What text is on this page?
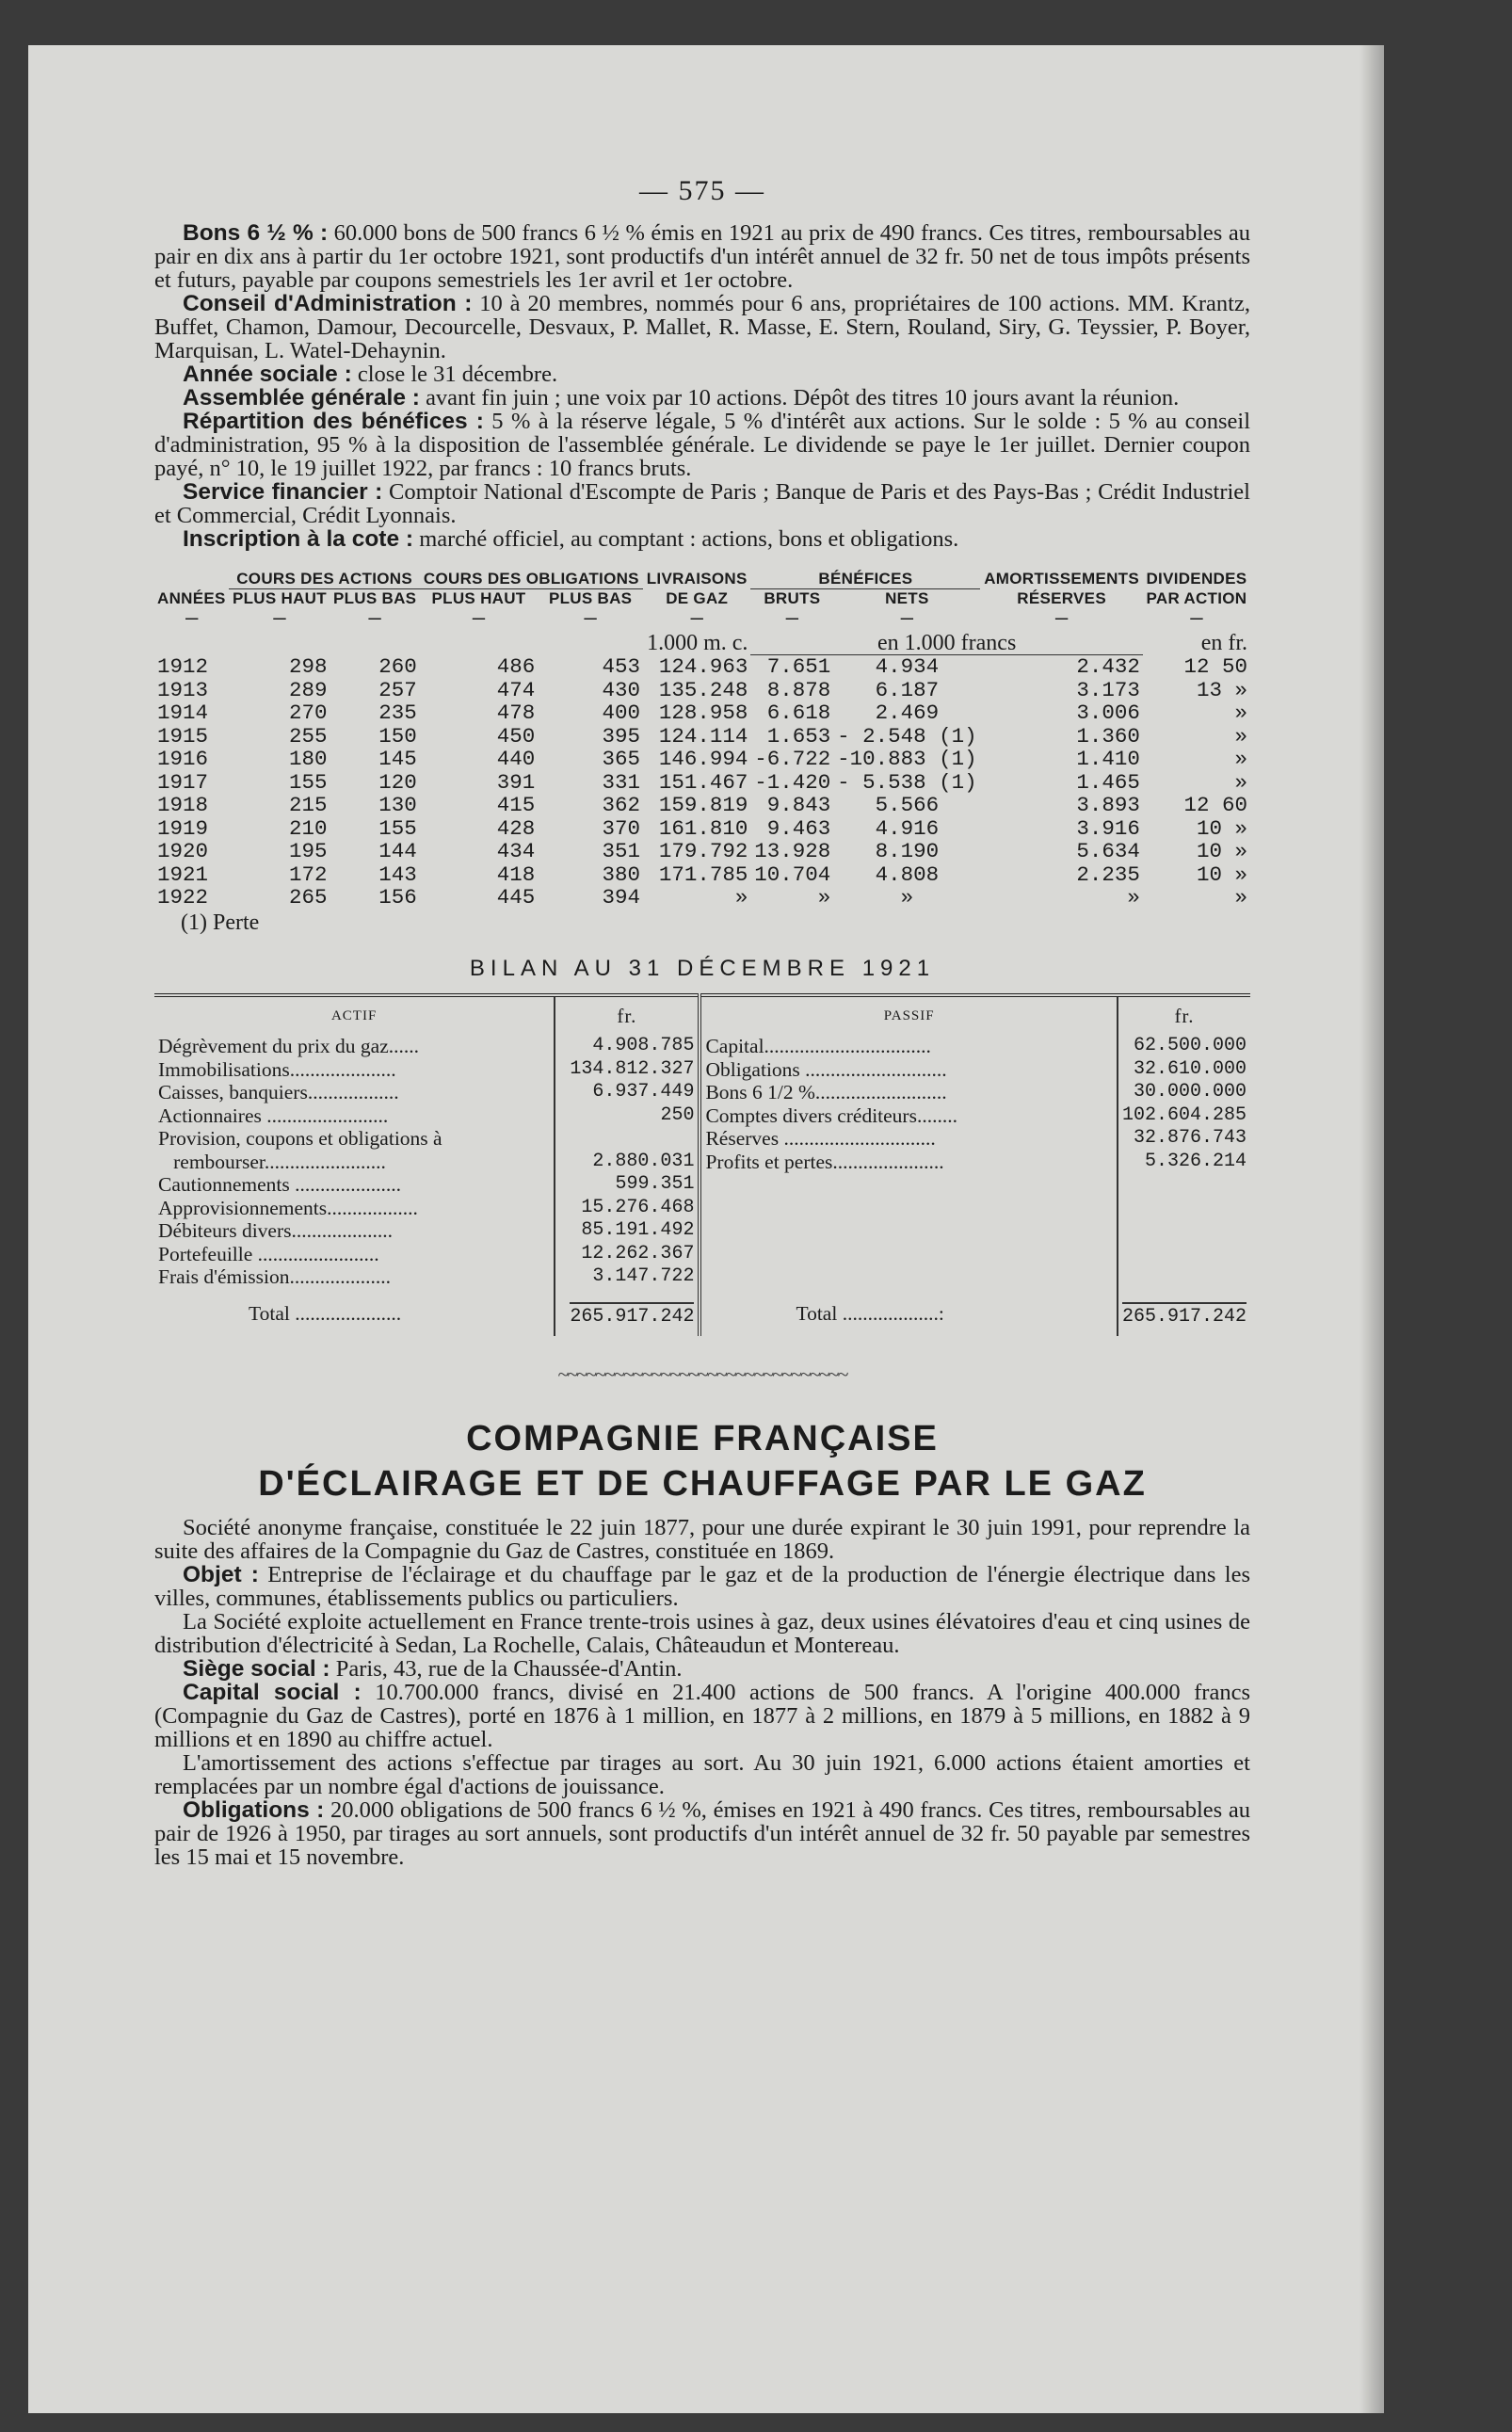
— 575 —

Bons 6 ½ % : 60.000 bons de 500 francs 6 ½ % émis en 1921 au prix de 490 francs. Ces titres, remboursables au pair en dix ans à partir du 1er octobre 1921, sont productifs d'un intérêt annuel de 32 fr. 50 net de tous impôts présents et futurs, payable par coupons semestriels les 1er avril et 1er octobre.

Conseil d'Administration : 10 à 20 membres, nommés pour 6 ans, propriétaires de 100 actions. MM. Krantz, Buffet, Chamon, Damour, Decourcelle, Desvaux, P. Mallet, R. Masse, E. Stern, Rouland, Siry, G. Teyssier, P. Boyer, Marquisan, L. Watel-Dehaynin.

Année sociale : close le 31 décembre.

Assemblée générale : avant fin juin ; une voix par 10 actions. Dépôt des titres 10 jours avant la réunion.

Répartition des bénéfices : 5 % à la réserve légale, 5 % d'intérêt aux actions. Sur le solde : 5 % au conseil d'administration, 95 % à la disposition de l'assemblée générale. Le dividende se paye le 1er juillet. Dernier coupon payé, n° 10, le 19 juillet 1922, par francs : 10 francs bruts.

Service financier : Comptoir National d'Escompte de Paris ; Banque de Paris et des Pays-Bas ; Crédit Industriel et Commercial, Crédit Lyonnais.

Inscription à la cote : marché officiel, au comptant : actions, bons et obligations.

	COURS DES ACTIONS		COURS DES OBLIGATIONS		LIVRAISONS	BÉNÉFICES		AMORTISSEMENTS	DIVIDENDES
ANNÉES	PLUS HAUT	PLUS BAS	PLUS HAUT	PLUS BAS	DE GAZ	BRUTS	NETS	RÉSERVES	PAR ACTION
—	—	—	—	—	—	—	—	—	—
					1.000 m. c.	en 1.000 francs			en fr.
1912	298	260	486	453	124.963	7.651	4.934	2.432	12 50
1913	289	257	474	430	135.248	8.878	6.187	3.173	13 »
1914	270	235	478	400	128.958	6.618	2.469	3.006	»
1915	255	150	450	395	124.114	1.653	- 2.548 (1)	1.360	»
1916	180	145	440	365	146.994	-6.722	-10.883 (1)	1.410	»
1917	155	120	391	331	151.467	-1.420	- 5.538 (1)	1.465	»
1918	215	130	415	362	159.819	9.843	5.566	3.893	12 60
1919	210	155	428	370	161.810	9.463	4.916	3.916	10 »
1920	195	144	434	351	179.792	13.928	8.190	5.634	10 »
1921	172	143	418	380	171.785	10.704	4.808	2.235	10 »
1922	265	156	445	394	»	»	»	»	»
(1) Perte
BILAN AU 31 DÉCEMBRE 1921
ACTIF	fr.	PASSIF	fr.
Dégrèvement du prix du gaz......	4.908.785	Capital.................................	62.500.000
Immobilisations.....................	134.812.327	Obligations ............................	32.610.000
Caisses, banquiers..................	6.937.449	Bons 6 1/2 %..........................	30.000.000
Actionnaires ........................	250	Comptes divers créditeurs........	102.604.285
Provision, coupons et obligations à		Réserves ..............................	32.876.743
rembourser........................	2.880.031	Profits et pertes......................	5.326.214
Cautionnements .....................	599.351		
Approvisionnements..................	15.276.468		
Débiteurs divers....................	85.191.492		
Portefeuille ........................	12.262.367		
Frais d'émission....................	3.147.722		
Total .....................	265.917.242	Total ...................:	265.917.242
~~~~~~~~~~~~~~~~~~~~~~~~~~~~~~~
COMPAGNIE FRANÇAISE
D'ÉCLAIRAGE ET DE CHAUFFAGE PAR LE GAZ

Société anonyme française, constituée le 22 juin 1877, pour une durée expirant le 30 juin 1991, pour reprendre la suite des affaires de la Compagnie du Gaz de Castres, constituée en 1869.

Objet : Entreprise de l'éclairage et du chauffage par le gaz et de la production de l'énergie électrique dans les villes, communes, établissements publics ou particuliers.

La Société exploite actuellement en France trente-trois usines à gaz, deux usines élévatoires d'eau et cinq usines de distribution d'électricité à Sedan, La Rochelle, Calais, Châteaudun et Montereau.

Siège social : Paris, 43, rue de la Chaussée-d'Antin.

Capital social : 10.700.000 francs, divisé en 21.400 actions de 500 francs. A l'origine 400.000 francs (Compagnie du Gaz de Castres), porté en 1876 à 1 million, en 1877 à 2 millions, en 1879 à 5 millions, en 1882 à 9 millions et en 1890 au chiffre actuel.

L'amortissement des actions s'effectue par tirages au sort. Au 30 juin 1921, 6.000 actions étaient amorties et remplacées par un nombre égal d'actions de jouissance.

Obligations : 20.000 obligations de 500 francs 6 ½ %, émises en 1921 à 490 francs. Ces titres, remboursables au pair de 1926 à 1950, par tirages au sort annuels, sont productifs d'un intérêt annuel de 32 fr. 50 payable par semestres les 15 mai et 15 novembre.
